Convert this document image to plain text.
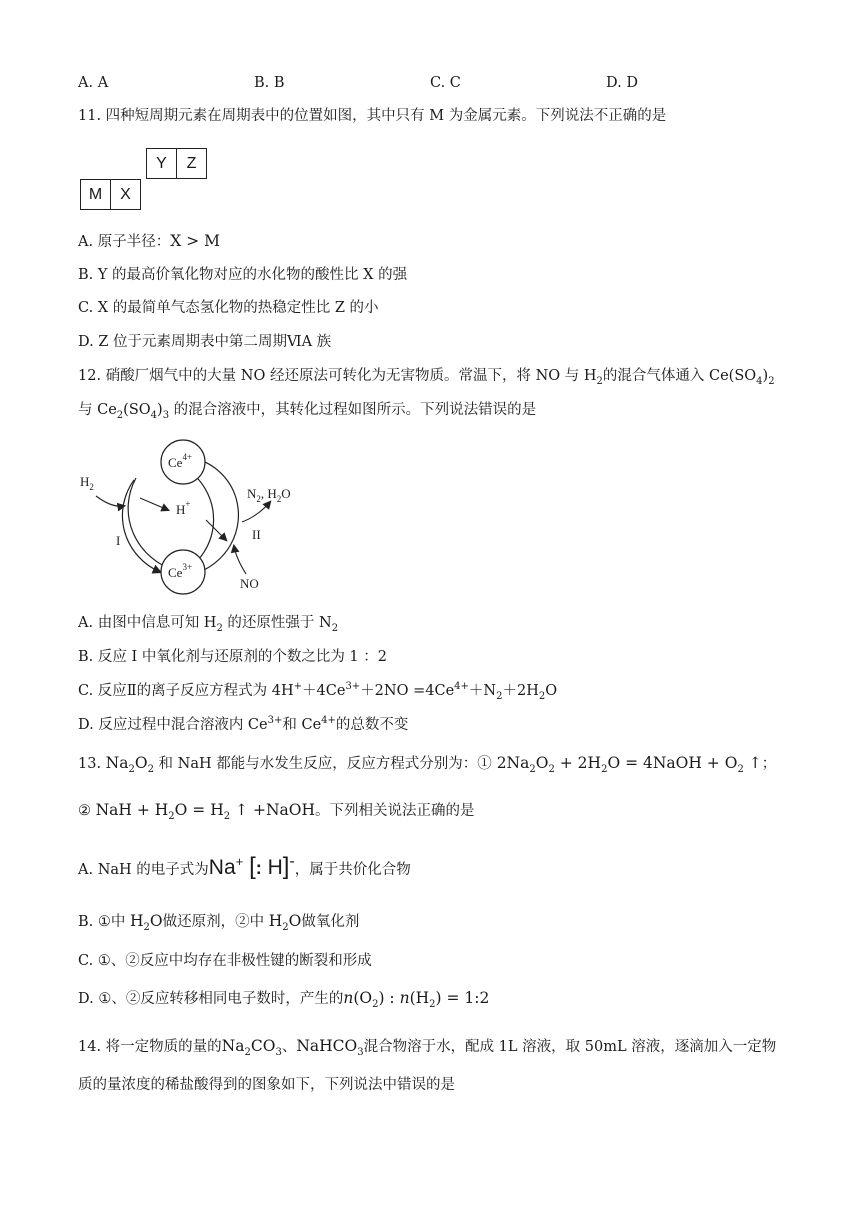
A. A	B. B	C. C	D. D
11. 四种短周期元素在周期表中的位置如图，其中只有 M 为金属元素。下列说法不正确的是
Y	Z
M	X
A. 原子半径：X > M
B. Y 的最高价氧化物对应的水化物的酸性比 X 的强
C. X 的最简单气态氢化物的热稳定性比 Z 的小
D. Z 位于元素周期表中第二周期ⅥA 族
12. 硝酸厂烟气中的大量 NO 经还原法可转化为无害物质。常温下，将 NO 与 $H_2$的混合气体通入 $Ce(SO_4)_2$
与 $Ce_2(SO_4)_3$ 的混合溶液中，其转化过程如图所示。下列说法错误的是
$Ce^{4+}$
$Ce^{3+}$
$H_2$
H+
$N_2$, $H_2O$
I	II
NO
A. 由图中信息可知 $H_2$ 的还原性强于 $N_2$
B. 反应 Ⅰ 中氧化剂与还原剂的个数之比为 1 ：2
C. 反应Ⅱ的离子反应方程式为 $4H^++4Ce^{3+}+2NO =4Ce^{4+}+N_2+2H_2O$
D. 反应过程中混合溶液内 $Ce^{3+}$和 $Ce^{4+}$的总数不变
13. $Na_2O_2$ 和 NaH 都能与水发生反应，反应方程式分别为：① $2Na_2O_2 + 2H_2O$ = 4NaOH + $O_2$ ↑；
② NaH + $H_2O = H_2$ ↑ +NaOH。下列相关说法正确的是
A. NaH 的电子式为Na+ [: H]-，属于共价化合物
B. ①中 $H_2O$做还原剂，②中 $H_2O$做氧化剂
C. ①、②反应中均存在非极性键的断裂和形成
D. ①、②反应转移相同电子数时，产生的$n(O_2)$ : $n(H_2)$ = 1:2
14. 将一定物质的量的$Na_2CO_3$、NaHCO$_3$混合物溶于水，配成 1L 溶液，取 50mL 溶液，逐滴加入一定物
质的量浓度的稀盐酸得到的图象如下，下列说法中错误的是
